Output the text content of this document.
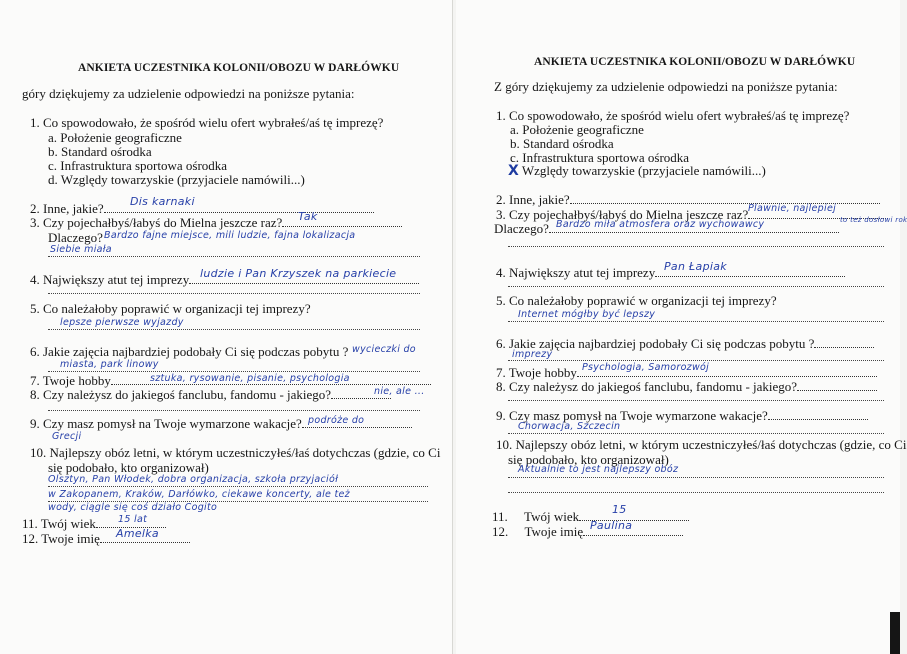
ANKIETA UCZESTNIKA KOLONII/OBOZU W DARŁÓWKU
góry dziękujemy za udzielenie odpowiedzi na poniższe pytania:
1. Co spowodowało, że spośród wielu ofert wybrałeś/aś tę imprezę?
a. Położenie geograficzne
b. Standard ośrodka
c. Infrastruktura sportowa ośrodka
d. Względy towarzyskie (przyjaciele namówili...)
2. Inne, jakie?	Dis karnaki
3. Czy pojechałbyś/łabyś do Mielna jeszcze raz?	Tak
Dlaczego? Bardzo fajne miejsce, mili ludzie, fajna lokalizacja
Siebie miała
4. Największy atut tej imprezy ludzie i Pan Krzyszek na parkiecie
5. Co należałoby poprawić w organizacji tej imprezy?
lepsze pierwsze wyjazdy
6. Jakie zajęcia najbardziej podobały Ci się podczas pobytu ? wycieczki do
miasta, park linowy
7. Twoje hobby	sztuka, rysowanie, pisanie, psychologia
8. Czy należysz do jakiegoś fanclubu, fandomu - jakiego?	nie, ale ...
9. Czy masz pomysł na Twoje wymarzone wakacje? podróże do
Grecji
10. Najlepszy obóz letni, w którym uczestniczyłeś/łaś dotychczas (gdzie, co Ci
się podobało, kto organizował)
Olsztyn, Pan Włodek, dobra organizacja, szkoła przyjaciół
w Zakopanem, Kraków, Darłówko, ciekawe koncerty, ale też
wody, ciągle się coś działo Cogito
11. Twój wiek	15 lat
12. Twoje imię	Amelka
ANKIETA UCZESTNIKA KOLONII/OBOZU W DARŁÓWKU
Z góry dziękujemy za udzielenie odpowiedzi na poniższe pytania:
1. Co spowodowało, że spośród wielu ofert wybrałeś/aś tę imprezę?
a. Położenie geograficzne
b. Standard ośrodka
c. Infrastruktura sportowa ośrodka
X Względy towarzyskie (przyjaciele namówili...)
2. Inne, jakie?
3. Czy pojechałbyś/łabyś do Mielna jeszcze raz? Plawnie, najlepiej
to też dosłowi rok
Dlaczego? Bardzo miła atmosfera oraz wychowawcy
4. Największy atut tej imprezy Pan Łapiak
5. Co należałoby poprawić w organizacji tej imprezy?
Internet mógłby być lepszy
6. Jakie zajęcia najbardziej podobały Ci się podczas pobytu ?
imprezy
7. Twoje hobby Psychologia, Samorozwój
8. Czy należysz do jakiegoś fanclubu, fandomu - jakiego?
9. Czy masz pomysł na Twoje wymarzone wakacje?
Chorwacja, Szczecin
10. Najlepszy obóz letni, w którym uczestniczyłeś/łaś dotychczas (gdzie, co Ci
się podobało, kto organizował)
Aktualnie to jest najlepszy obóz
11. Twój wiek	15
12. Twoje imię Paulina
